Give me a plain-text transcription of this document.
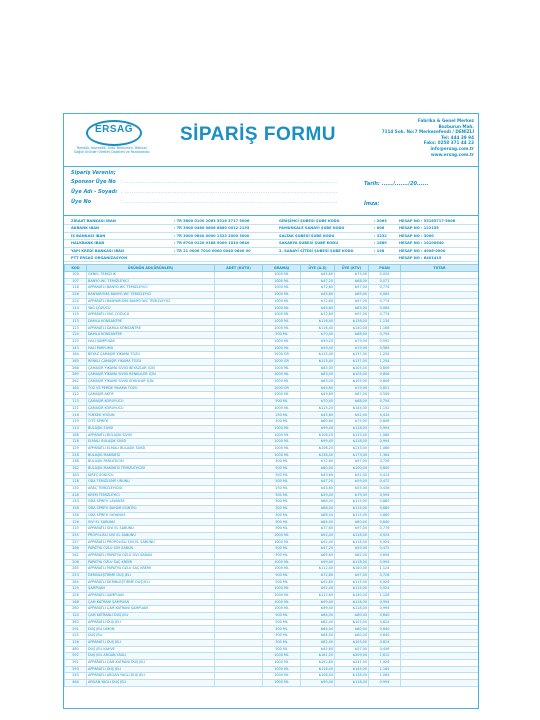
ERSAĞ
Temizlik, Kozmetik, Gıda Takviyeleri, Bitkisel, Sağlık Ürünleri Üretimi Dağıtımı ve Pazarlaması
SİPARİŞ FORMU
Fabrika & Genel Merkez
Bozburun Mah.
7114 Sok. No:7 Merkezefendi / DENİZLİ
Tel: 444 39 94
Faks: 0258 371 44 22
info@ersag.com.tr
www.ersag.com.tr
Sipariş Verenin;
Sponsor Üye No : .......................................................................................................................
Üye Adı - Soyadı : .......................................................................................................................
Üye No	: .......................................................................................................................
Tarih: ....../......./20......
İmza:
ZİRAAT BANKASI IBAN	: TR 5800 0100 2063 5516 5717 5006	GİRİŞİMCİ ŞUBESİ ŞUBE KODU	: 2063	HESAP NO : 55165717-5006
AKBANK IBAN	: TR 3900 0460 0806 8880 0012 2155	PAMUKKALE SANAYİ ŞUBE KODU	: 806	HESAP NO : 122155
İŞ BANKASI IBAN	: TR 3000 0640 0000 1323 2000 3000	SALTAK ŞUBESİ ŞUBE KODU	: 3232	HESAP NO : 3000
HALKBANK IBAN	: TR 6700 0120 0168 9000 1010 0640	SAKARYA ŞUBESİ ŞUBE KODU	: 1689	HESAP NO : 10100640
YAPI KREDİ BANKASI IBAN	: TR 21 0006 7010 0000 0040 0640 00	2. SANAYİ SİTESİ ŞUBESİ ŞUBE KODU	: 198	HESAP NO : 4006-0000
PTT ERSAĞ ORGANİZASYON	HESAP NO : 6401415
KOD	ÜRÜNÜN ADI(ÜRÜNLER)	ADET (KUTU)	GRAMAJ	ÜYE (A.Ş)	ÜYE (KTV)	PUAN	TUTAR
103	GENEL TEMİZLİK		1000 ML	₺45,60	₺79,00	0,054	
107	BANYO-WC TEMİZLEYİCİ		1000 ML	₺47,20	₺88,00	0,071	
118	APPARATLI BANYO-WC TEMİZLEYİCİ		1000 ML	₺72,60	₺97,00	0,774	
228	BANYAROMA BANYO-WC TEMİZLEYİCİ		1000 ML	₺45,60	₺89,00	0,084	
224	APPARATLI BANYAROMA BANYO-WC TEMİZLEYİCİ		1000 ML	₺72,60	₺97,00	0,774	
114	YAĞ ÇÖZÜCÜ		1000 ML	₺45,60	₺83,00	0,084	
119	APPARATLI YAĞ ÇÖZÜCÜ		1000 ML	₺72,60	₺97,00	0,774	
113	DAMLA KONSANTRE		1000 ML	₺116,40	₺138,00	1,134	
123	APPARATLI DAMLA KONSANTRE		1000 ML	₺116,40	₺140,00	1,168	
124	DAMLA KONSANTRE		500 ML	₺70,40	₺88,00	0,754	
125	HALI ŞAMPUANI		1000 ML	₺59,20	₺79,00	0,592	
143	HALI PARFÜMÜ		1000 ML	₺59,40	₺79,00	0,584	
164	BEYAZ ÇAMAŞIR YIKAMA TOZU		1000 GR	₺115,40	₺137,00	1,254	
165	RENKLİ ÇAMAŞIR YIKAMA TOZU		1000 GR	₺115,40	₺137,00	1,254	
268	ÇAMAŞIR YIKAMA SIVISI BEYAZLAR İÇİN		1000 ML	₺83,00	₺105,00	0,806	
269	ÇAMAŞIR YIKAMA SIVISI RENKLİLER İÇİN		1000 ML	₺83,00	₺105,00	0,806	
262	ÇAMAŞIR YIKAMA SIVISI SİYAHLAR İÇİN		1000 ML	₺83,00	₺105,00	0,806	
165	TOZ VE PERDE YIKAMA TOZU		1000 GR	₺45,60	₺79,00	0,651	
112	ÇAMAŞIR AKTİF		1000 ML	₺49,60	₺87,00	0,506	
113	ÇAMAŞIR KORUYUCU		500 ML	₺70,40	₺88,00	0,754	
121	ÇAMAŞIR KORUYUCU		1000 ML	₺115,20	₺144,00	1,152	
116	YÜKSEK YOĞUN		250 ML	₺45,60	₺52,00	0,414	
119	CİTE SPREYİ		500 ML	₺60,60	₺75,00	0,608	
114	BULAŞIK SIVISI		1000 ML	₺99,40	₺118,00	0,994	
168	APPARATLI BULAŞIK SIVISI		1000 ML	₺106,20	₺133,00	1,086	
128	ELMALI BULAŞIK SIVISI		1000 ML	₺99,40	₺118,00	0,994	
129	APPARATLI ELMALI BULAŞIK SIVISI		1000 ML	₺106,20	₺133,00	1,086	
228	BULAŞIK MAKİNESİ		1000 ML	₺136,40	₺173,00	1,364	
138	BULAŞIK PARLATICISI		500 ML	₺72,60	₺97,00	0,726	
182	BULAŞIK MAKİNESİ TEMİZLEYİCİSİ		500 ML	₺80,00	₺100,00	0,800	
183	KİREÇ SÖKÜCÜ		500 ML	₺43,60	₺52,00	0,414	
128	ODA TEMİZLEME ÜRÜNÜ		500 ML	₺47,20	₺59,00	0,472	
130	ARAÇ TEMİZLEYİCİSİ		250 ML	₺43,60	₺55,00	0,436	
418	KREM TEMİZLEYİCİ		500 ML	₺59,40	₺79,00	0,594	
133	ODA SPREYİ LAVANTA		300 ML	₺88,00	₺115,00	0,880	
158	ODA SPREYİ BAHAR ESİNTİSİ		300 ML	₺88,00	₺115,00	0,880	
136	ODA SPREYİ OKYANUS		300 ML	₺88,00	₺115,00	0,880	
126	SIVI EL SABUNU		500 ML	₺64,00	₺80,00	0,640	
115	APPARATLI SIVI EL SABUNU		500 ML	₺77,60	₺97,00	0,776	
255	PROPOLİSLİ SIVI EL SABUNU		1000 ML	₺92,40	₺118,00	0,924	
257	APPARATLI PROPOLİSLİ SIVI EL SABUNU		1000 ML	₺92,40	₺118,00	0,924	
266	PAPATYA ÖZLÜ SIVI SABUN		500 ML	₺47,20	₺59,00	0,472	
261	APPARATLI PAPATYA ÖZLÜ SIVI SABUN		500 ML	₺65,60	₺82,00	0,656	
206	PAPATYA ÖZLÜ SAÇ KREMİ		1000 ML	₺99,40	₺118,00	0,994	
285	APPARATLI PAPATYA ÖZLÜ SAÇ KREMİ		1000 ML	₺112,40	₺140,00	1,124	
253	DERİNLEŞTİRME DUŞ JELİ		500 ML	₺72,60	₺97,00	0,726	
264	APPARATLI DERİNLEŞTİRME DUŞ JELİ		500 ML	₺92,80	₺115,00	0,928	
125	ŞAMPUAN		1000 ML	₺92,40	₺115,00	0,924	
126	APPARATLI ŞAMPUAN		1000 ML	₺112,60	₺140,00	1,126	
168	ÇAM KATRANI ŞAMPUAN		1000 ML	₺99,40	₺118,00	0,994	
260	APPARATLI ÇAM KATRANI ŞAMPUAN		1000 ML	₺99,40	₺118,00	0,994	
124	ÇAM KATRANLI DUŞ JELİ		500 ML	₺64,00	₺80,00	0,640	
263	APPARATLI DUŞ JELİ		500 ML	₺82,40	₺103,00	0,824	
291	DUŞ JELİ LİMON		500 ML	₺64,00	₺80,00	0,640	
125	DUŞ JELİ		500 ML	₺64,00	₺80,00	0,640	
126	APPARATLI DUŞ JELİ		500 ML	₺82,40	₺103,00	0,824	
480	DUŞ JELİ KAHVE		500 ML	₺45,60	₺57,00	0,456	
592	DUŞ JELİ ARGAN YAĞLI		1000 ML	₺161,20	₺209,00	1,612	
291	APPARATLI ÇAM KATRANI DUŞ JELİ		1000 ML	₺192,80	₺241,00	1,928	
293	APPARATLI DUŞ JELİ		1000 ML	₺116,40	₺145,00	1,164	
245	APPARATLI ARGAN YAĞLI DUŞ JELİ		1000 ML	₺108,40	₺138,00	1,084	
464	ARGAN YAĞLI DUŞ JELİ		1000 ML	₺99,40	₺118,00	0,994	
